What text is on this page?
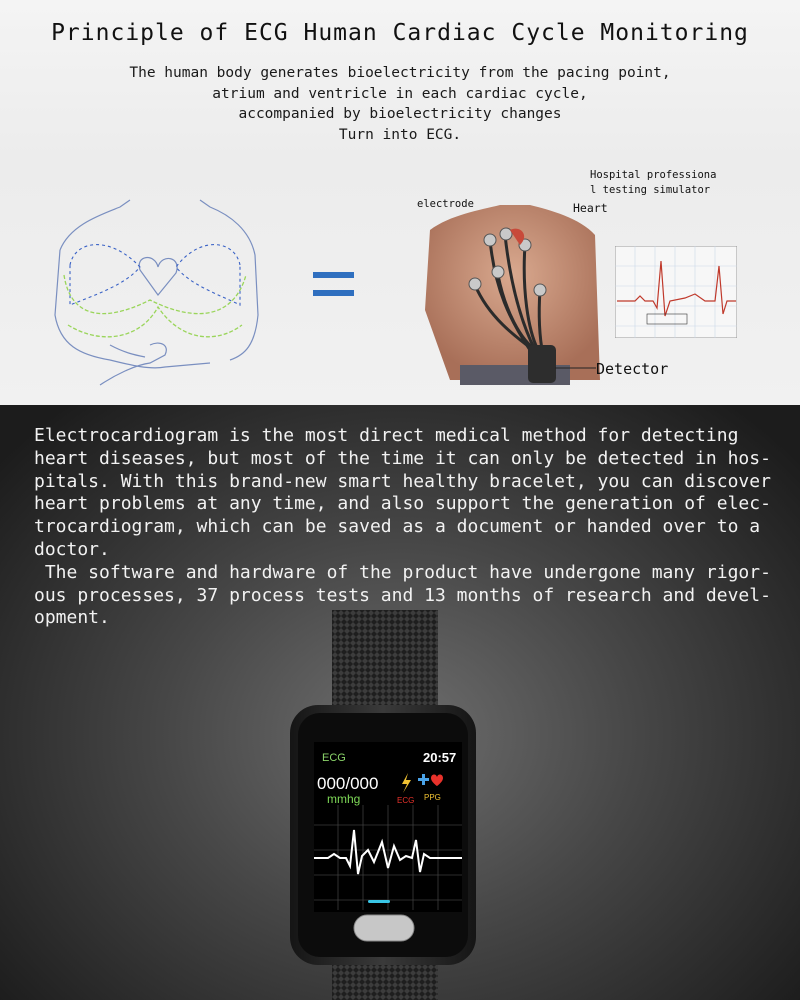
Principle of ECG Human Cardiac Cycle Monitoring
The human body generates bioelectricity from the pacing point,
atrium and ventricle in each cardiac cycle,
accompanied by bioelectricity changes
Turn into ECG.
Hospital professiona
l testing simulator
electrode	Heart
Detector
Electrocardiogram is the most direct medical method for detecting
heart diseases, but most of the time it can only be detected in hos-
pitals. With this brand-new smart healthy bracelet, you can discover
heart problems at any time, and also support the generation of elec-
trocardiogram, which can be saved as a document or handed over to a
doctor.
The software and hardware of the product have undergone many rigor-
ous processes, 37 process tests and 13 months of research and devel-
opment.
ECG	20:57
000/000
mmhg	ECG PPG
